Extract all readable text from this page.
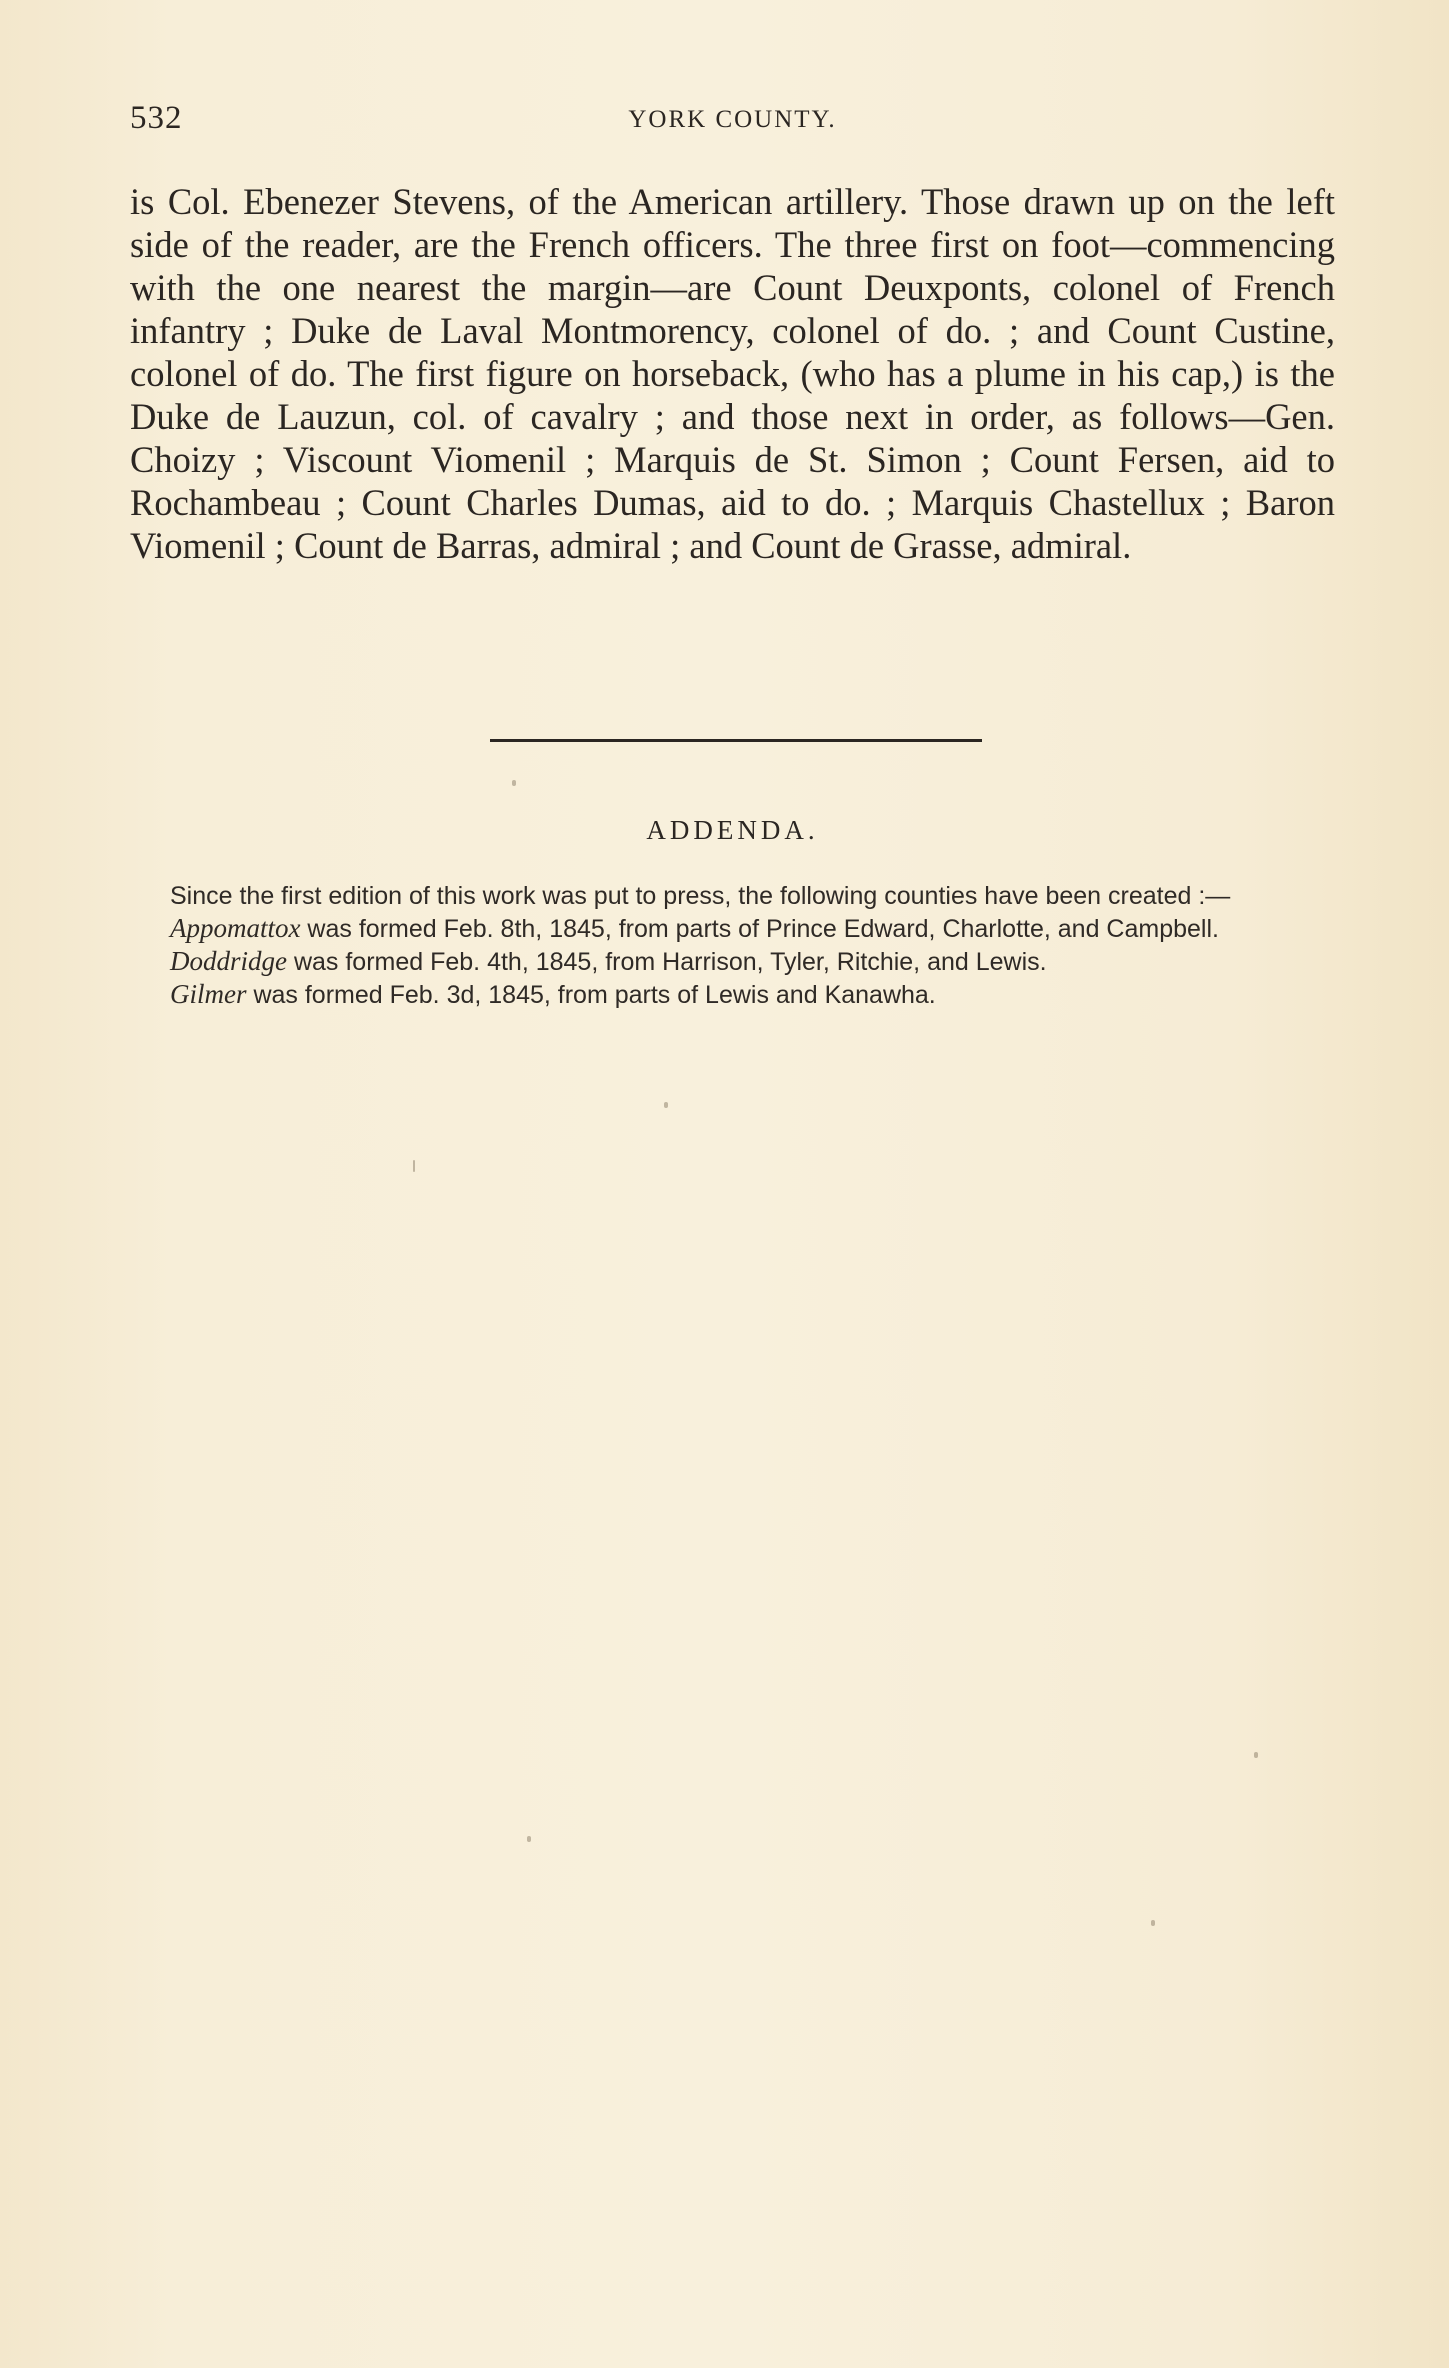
532	YORK COUNTY.

is Col. Ebenezer Stevens, of the American artillery. Those drawn up on the left side of the reader, are the French officers. The three first on foot—commencing with the one nearest the margin—are Count Deuxponts, colonel of French infantry ; Duke de Laval Montmorency, colonel of do. ; and Count Custine, colonel of do. The first figure on horseback, (who has a plume in his cap,) is the Duke de Lauzun, col. of cavalry ; and those next in order, as follows—Gen. Choizy ; Viscount Viomenil ; Marquis de St. Simon ; Count Fersen, aid to Rochambeau ; Count Charles Dumas, aid to do. ; Marquis Chastellux ; Baron Viomenil ; Count de Barras, admiral ; and Count de Grasse, admiral.

ADDENDA.

Since the first edition of this work was put to press, the following counties have been created :—

Appomattox was formed Feb. 8th, 1845, from parts of Prince Edward, Charlotte, and Campbell.

Doddridge was formed Feb. 4th, 1845, from Harrison, Tyler, Ritchie, and Lewis.

Gilmer was formed Feb. 3d, 1845, from parts of Lewis and Kanawha.
